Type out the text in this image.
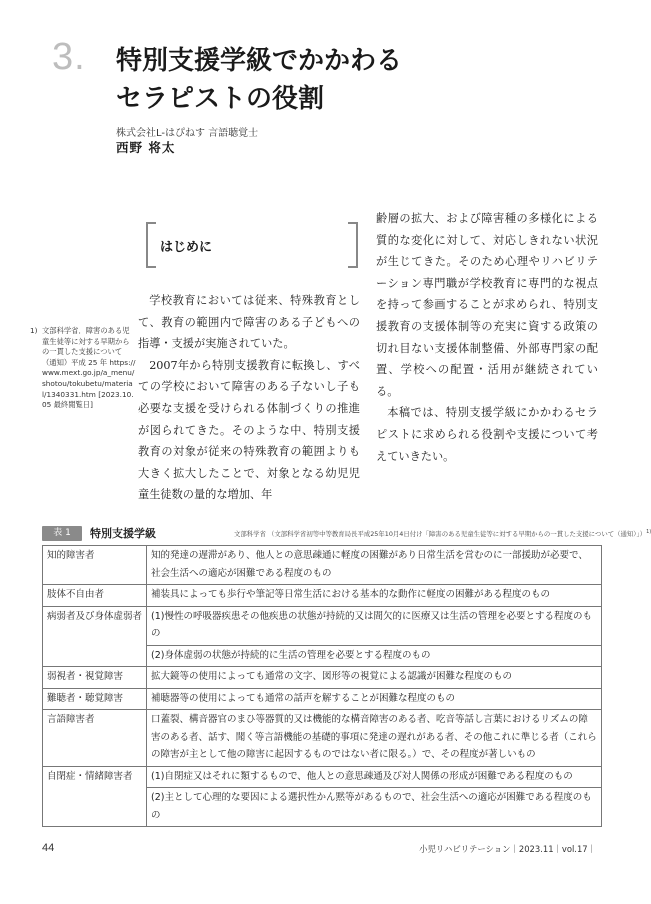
3. 特別支援学級でかかわる
セラピストの役割
株式会社L-はぴねす 言語聴覚士
西野 将太
はじめに

学校教育においては従来、特殊教育として、教育の範囲内で障害のある子どもへの指導・支援が実施されていた。

2007年から特別支援教育に転換し、すべての学校において障害のある子ないし子も必要な支援を受けられる体制づくりの推進が図られてきた。そのような中、特別支援教育の対象が従来の特殊教育の範囲よりも大きく拡大したことで、対象となる幼児児童生徒数の量的な増加、年

齢層の拡大、および障害種の多様化による質的な変化に対して、対応しきれない状況が生じてきた。そのため心理やリハビリテーション専門職が学校教育に専門的な視点を持って参画することが求められ、特別支援教育の支援体制等の充実に資する政策の切れ目ない支援体制整備、外部専門家の配置、学校への配置・活用が継続されている。

本稿では、特別支援学級にかかわるセラピストに求められる役割や支援について考えていきたい。

1) 文部科学省．障害のある児童生徒等に対する早期からの一貫した支援について（通知）平成 25 年 https://www.mext.go.jp/a_menu/shotou/tokubetu/material/1340331.htm [2023.10.05 最終閲覧日]
表 1	特別支援学級	文部科学省 （文部科学省初等中等教育局長平成25年10月4日付け「障害のある児童生徒等に対する早期からの一貫した支援について（通知）」）$^{1)}$
知的障害者	知的発達の遅滞があり、他人との意思疎通に軽度の困難があり日常生活を営むのに一部援助が必要で、社会生活への適応が困難である程度のもの
肢体不自由者	補装具によっても歩行や筆記等日常生活における基本的な動作に軽度の困難がある程度のもの
病弱者及び身体虚弱者	(1)慢性の呼吸器疾患その他疾患の状態が持続的又は間欠的に医療又は生活の管理を必要とする程度のもの
	(2)身体虚弱の状態が持続的に生活の管理を必要とする程度のもの
弱視者・視覚障害	拡大鏡等の使用によっても通常の文字、図形等の視覚による認識が困難な程度のもの
難聴者・聴覚障害	補聴器等の使用によっても通常の話声を解することが困難な程度のもの
言語障害者	口蓋裂、構音器官のまひ等器質的又は機能的な構音障害のある者、吃音等話し言葉におけるリズムの障害のある者、話す、聞く等言語機能の基礎的事項に発達の遅れがある者、その他これに準じる者（これらの障害が主として他の障害に起因するものではない者に限る。）で、その程度が著しいもの
自閉症・情緒障害者	(1)自閉症又はそれに類するもので、他人との意思疎通及び対人関係の形成が困難である程度のもの
	(2)主として心理的な要因による選択性かん黙等があるもので、社会生活への適応が困難である程度のもの
44	小児リハビリテーション｜2023.11｜vol.17｜
